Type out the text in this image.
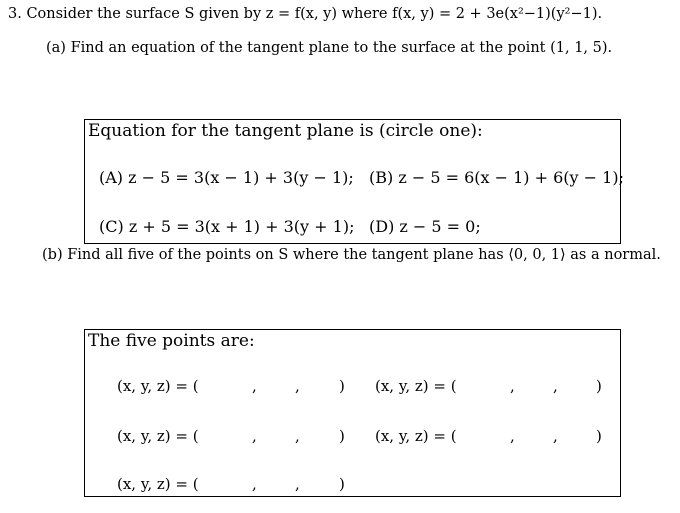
3. Consider the surface S given by z = f(x, y) where f(x, y) = 2 + 3e(x²−1)(y²−1).
(a) Find an equation of the tangent plane to the surface at the point (1, 1, 5).
Equation for the tangent plane is (circle one):
(A) z − 5 = 3(x − 1) + 3(y − 1); (B) z − 5 = 6(x − 1) + 6(y − 1);
(C) z + 5 = 3(x + 1) + 3(y + 1); (D) z − 5 = 0;
(b) Find all five of the points on S where the tangent plane has ⟨0, 0, 1⟩ as a normal.
The five points are:
(x, y, z) = (	,	,	) (x, y, z) = (	,	,	)
(x, y, z) = (	,	,	) (x, y, z) = (	,	,	)
(x, y, z) = (	,	,	)
